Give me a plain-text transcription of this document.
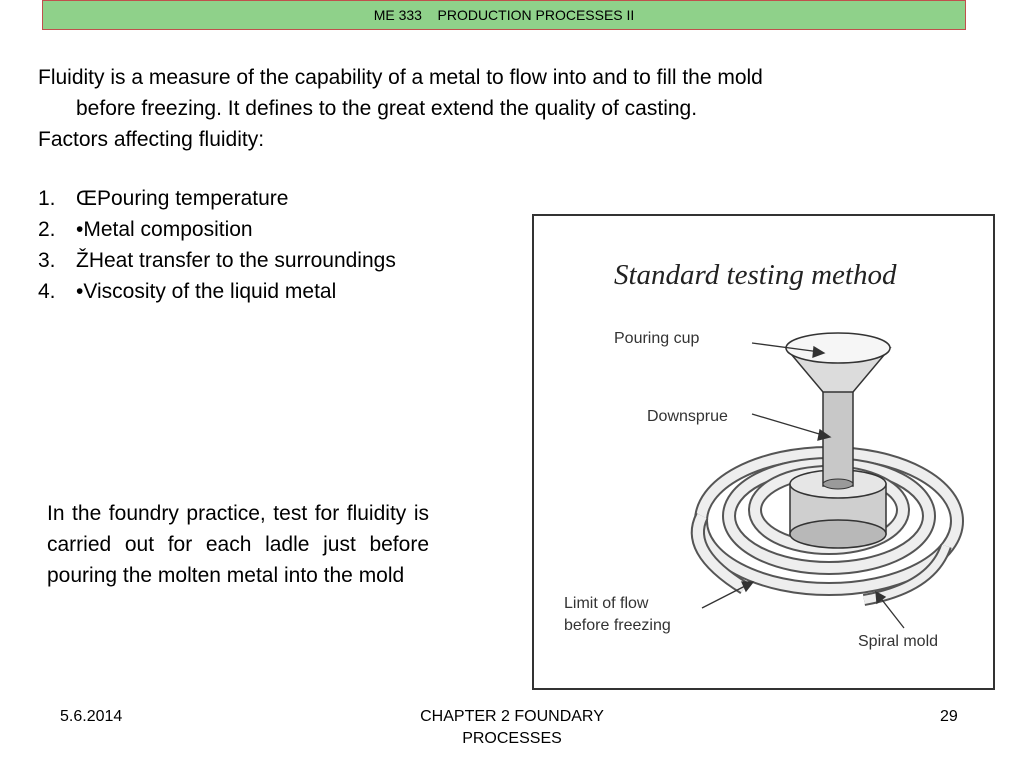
ME 333    PRODUCTION PROCESSES II

Fluidity is a measure of the capability of a metal to flow into and to fill the mold
before freezing. It defines to the great extend the quality of casting.

Factors affecting fluidity:

1. ŒPouring temperature
2. •Metal composition
3. ŽHeat transfer to the surroundings
4. •Viscosity of the liquid metal
In the foundry practice, test for fluidity is carried out for each ladle just before pouring the molten metal into the mold
Standard testing method
Pouring cup
Downsprue
Limit of flow
before freezing
Spiral mold
5.6.2014	CHAPTER 2 FOUNDARY
PROCESSES
29
